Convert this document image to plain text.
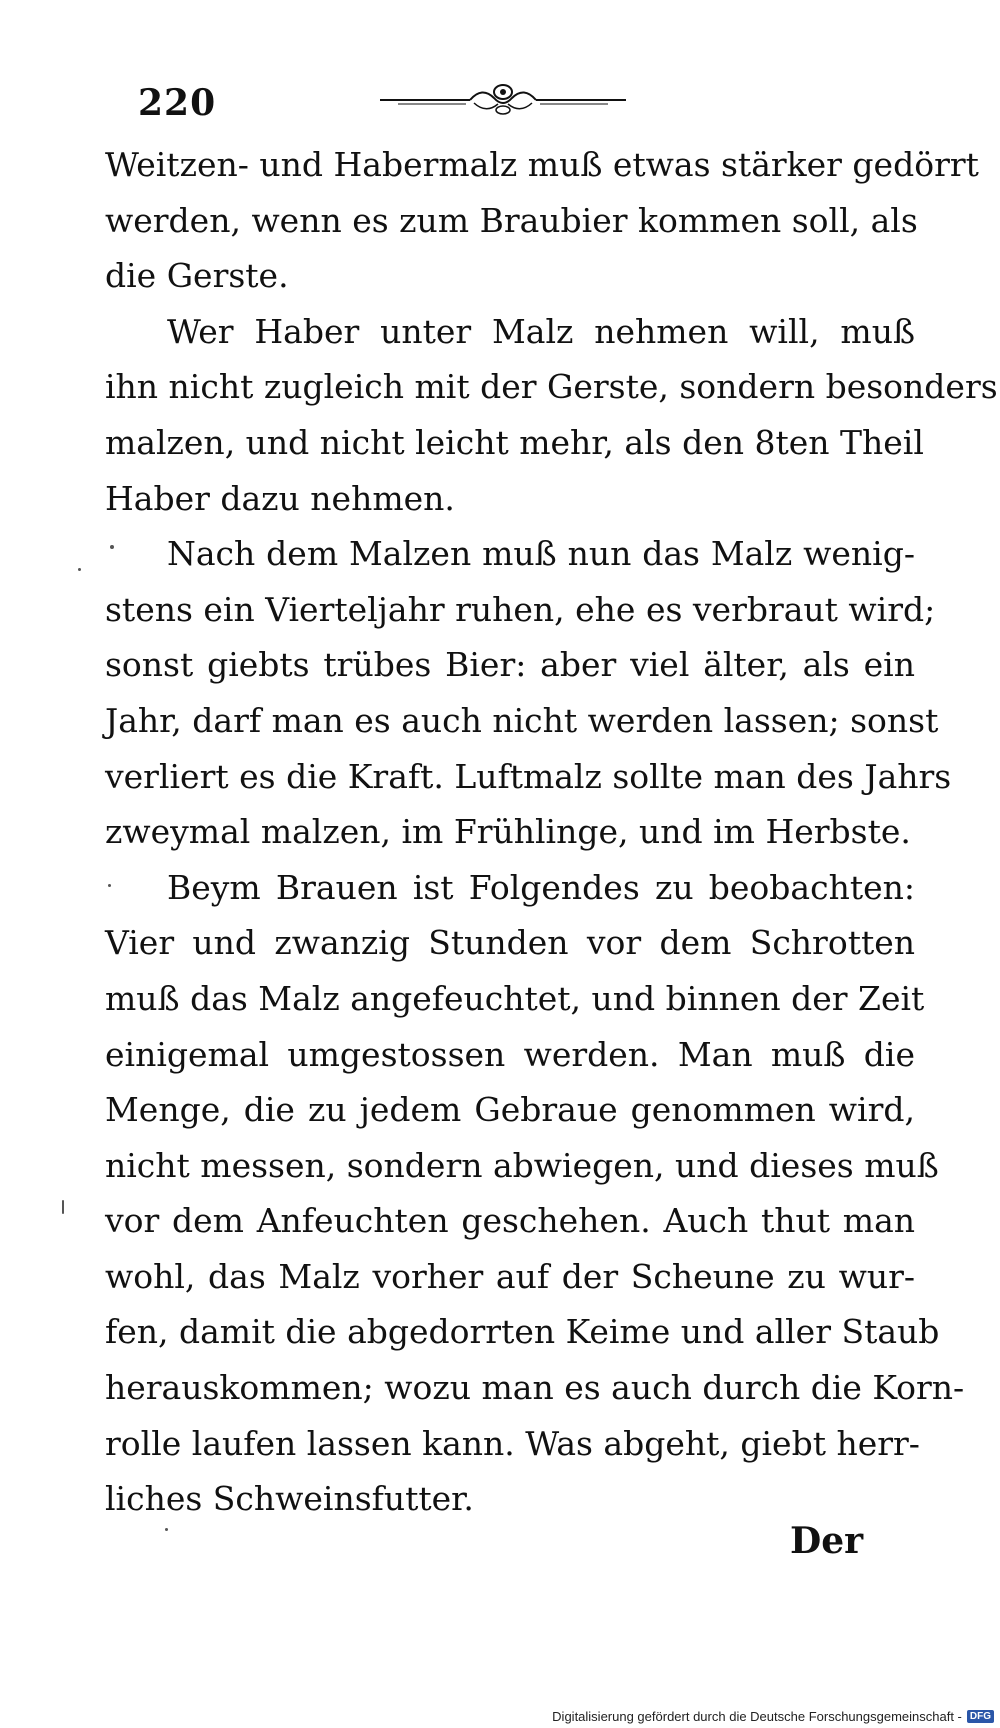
220
Weitzen- und Habermalz muß etwas stärker gedörrt
werden, wenn es zum Braubier kommen soll, als
die Gerste.
Wer Haber unter Malz nehmen will, muß
ihn nicht zugleich mit der Gerste, sondern besonders
malzen, und nicht leicht mehr, als den 8ten Theil
Haber dazu nehmen.
Nach dem Malzen muß nun das Malz wenig-
stens ein Vierteljahr ruhen, ehe es verbraut wird;
sonst giebts trübes Bier: aber viel älter, als ein
Jahr, darf man es auch nicht werden lassen; sonst
verliert es die Kraft. Luftmalz sollte man des Jahrs
zweymal malzen, im Frühlinge, und im Herbste.
Beym Brauen ist Folgendes zu beobachten:
Vier und zwanzig Stunden vor dem Schrotten
muß das Malz angefeuchtet, und binnen der Zeit
einigemal umgestossen werden. Man muß die
Menge, die zu jedem Gebraue genommen wird,
nicht messen, sondern abwiegen, und dieses muß
vor dem Anfeuchten geschehen. Auch thut man
wohl, das Malz vorher auf der Scheune zu wur-
fen, damit die abgedorrten Keime und aller Staub
herauskommen; wozu man es auch durch die Korn-
rolle laufen lassen kann. Was abgeht, giebt herr-
liches Schweinsfutter.
Der
Digitalisierung gefördert durch die Deutsche Forschungsgemeinschaft - DFG
